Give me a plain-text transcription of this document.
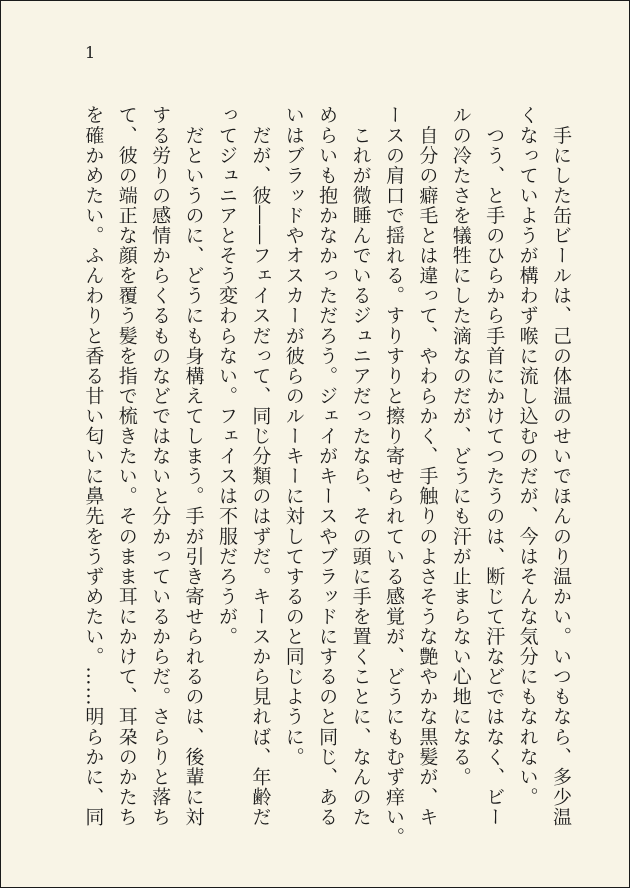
1

　手にした缶ビールは、己の体温のせいでほんのり温かい。いつもなら、多少温

くなっていようが構わず喉に流し込むのだが、今はそんな気分にもなれない。

　つう、と手のひらから手首にかけてつたうのは、断じて汗などではなく、ビー

ルの冷たさを犠牲にした滴なのだが、どうにも汗が止まらない心地になる。

　自分の癖毛とは違って、やわらかく、手触りのよさそうな艶やかな黒髪が、キ

ースの肩口で揺れる。すりすりと擦り寄せられている感覚が、どうにもむず痒い。

　これが微睡んでいるジュニアだったなら、その頭に手を置くことに、なんのた

めらいも抱かなかっただろう。ジェイがキースやブラッドにするのと同じ、ある

いはブラッドやオスカーが彼らのルーキーに対してするのと同じように。

　だが、彼――フェイスだって、同じ分類のはずだ。キースから見れば、年齢だ

ってジュニアとそう変わらない。フェイスは不服だろうが。

　だというのに、どうにも身構えてしまう。手が引き寄せられるのは、後輩に対

する労りの感情からくるものなどではないと分かっているからだ。さらりと落ち

て、彼の端正な顔を覆う髪を指で梳きたい。そのまま耳にかけて、耳朶のかたち

を確かめたい。ふんわりと香る甘い匂いに鼻先をうずめたい。……明らかに、同
